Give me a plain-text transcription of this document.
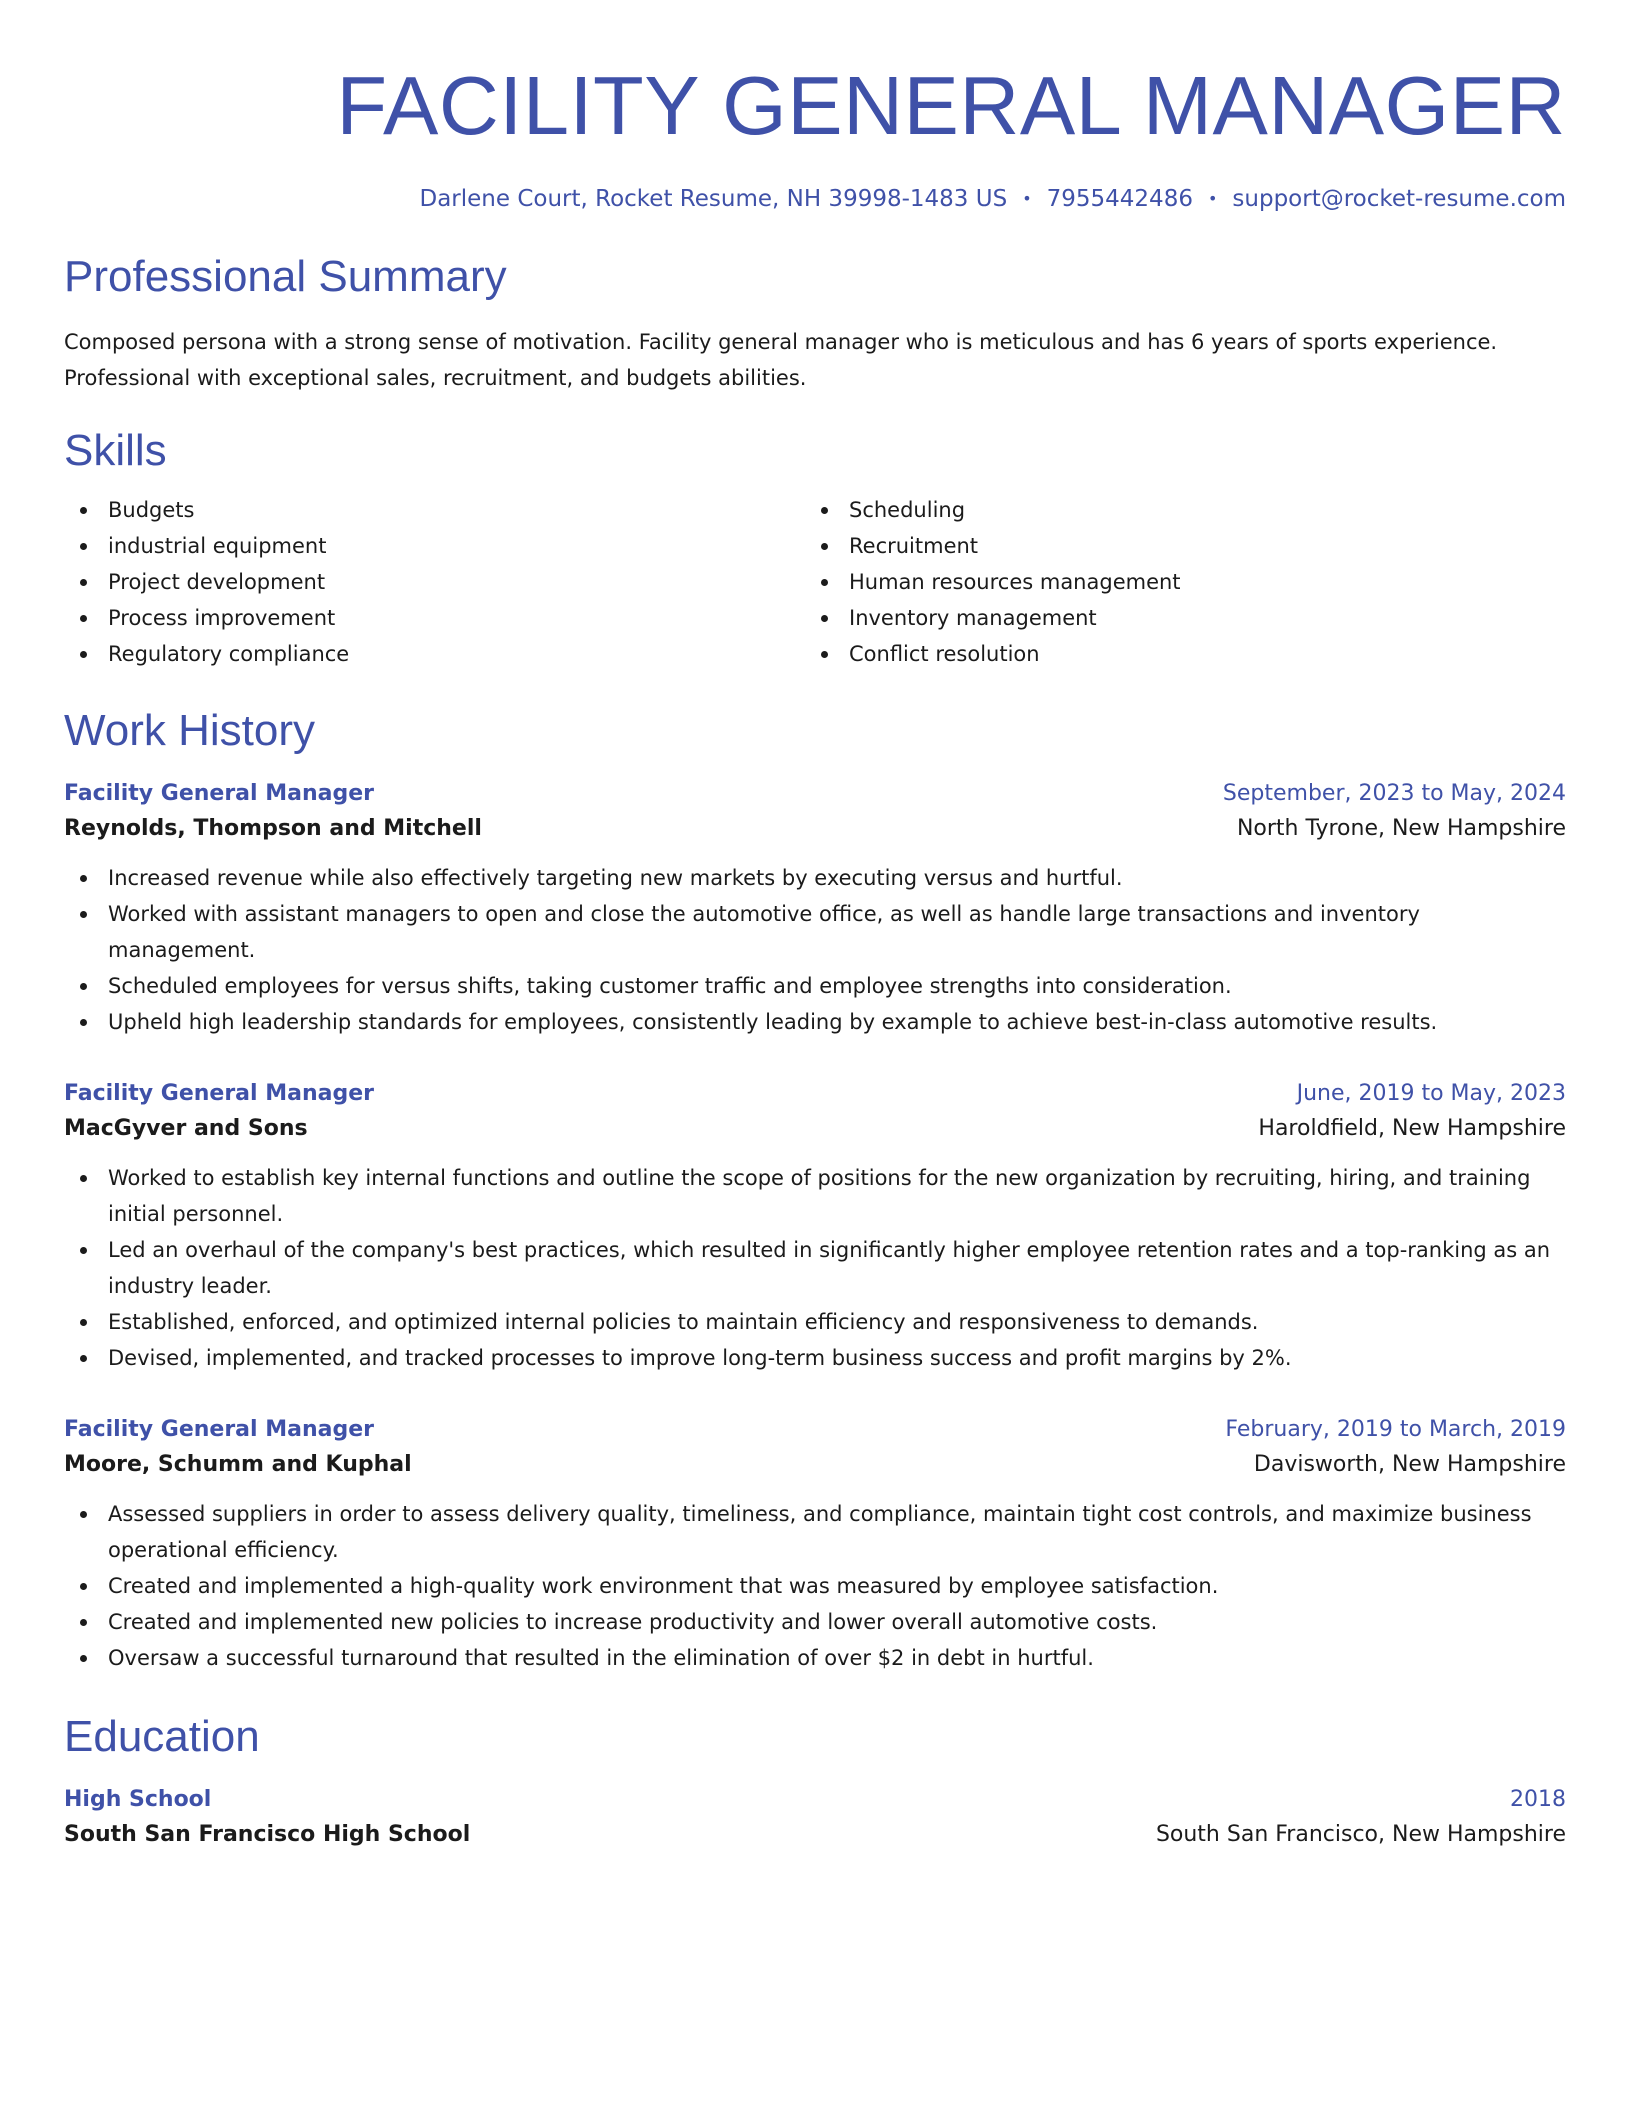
FACILITY GENERAL MANAGER
Darlene Court, Rocket Resume, NH 39998-1483 US • 7955442486 • support@rocket-resume.com
Professional Summary
Composed persona with a strong sense of motivation. Facility general manager who is meticulous and has 6 years of sports experience. Professional with exceptional sales, recruitment, and budgets abilities.
Skills
Budgets
industrial equipment
Project development
Process improvement
Regulatory compliance
Scheduling
Recruitment
Human resources management
Inventory management
Conflict resolution
Work History
Facility General Manager	September, 2023 to May, 2024
Reynolds, Thompson and Mitchell	North Tyrone, New Hampshire
Increased revenue while also effectively targeting new markets by executing versus and hurtful.
Worked with assistant managers to open and close the automotive office, as well as handle large transactions and inventory management.
Scheduled employees for versus shifts, taking customer traffic and employee strengths into consideration.
Upheld high leadership standards for employees, consistently leading by example to achieve best-in-class automotive results.
Facility General Manager	June, 2019 to May, 2023
MacGyver and Sons	Haroldfield, New Hampshire
Worked to establish key internal functions and outline the scope of positions for the new organization by recruiting, hiring, and training initial personnel.
Led an overhaul of the company's best practices, which resulted in significantly higher employee retention rates and a top-ranking as an industry leader.
Established, enforced, and optimized internal policies to maintain efficiency and responsiveness to demands.
Devised, implemented, and tracked processes to improve long-term business success and profit margins by 2%.
Facility General Manager	February, 2019 to March, 2019
Moore, Schumm and Kuphal	Davisworth, New Hampshire
Assessed suppliers in order to assess delivery quality, timeliness, and compliance, maintain tight cost controls, and maximize business operational efficiency.
Created and implemented a high-quality work environment that was measured by employee satisfaction.
Created and implemented new policies to increase productivity and lower overall automotive costs.
Oversaw a successful turnaround that resulted in the elimination of over $2 in debt in hurtful.
Education
High School	2018
South San Francisco High School	South San Francisco, New Hampshire
